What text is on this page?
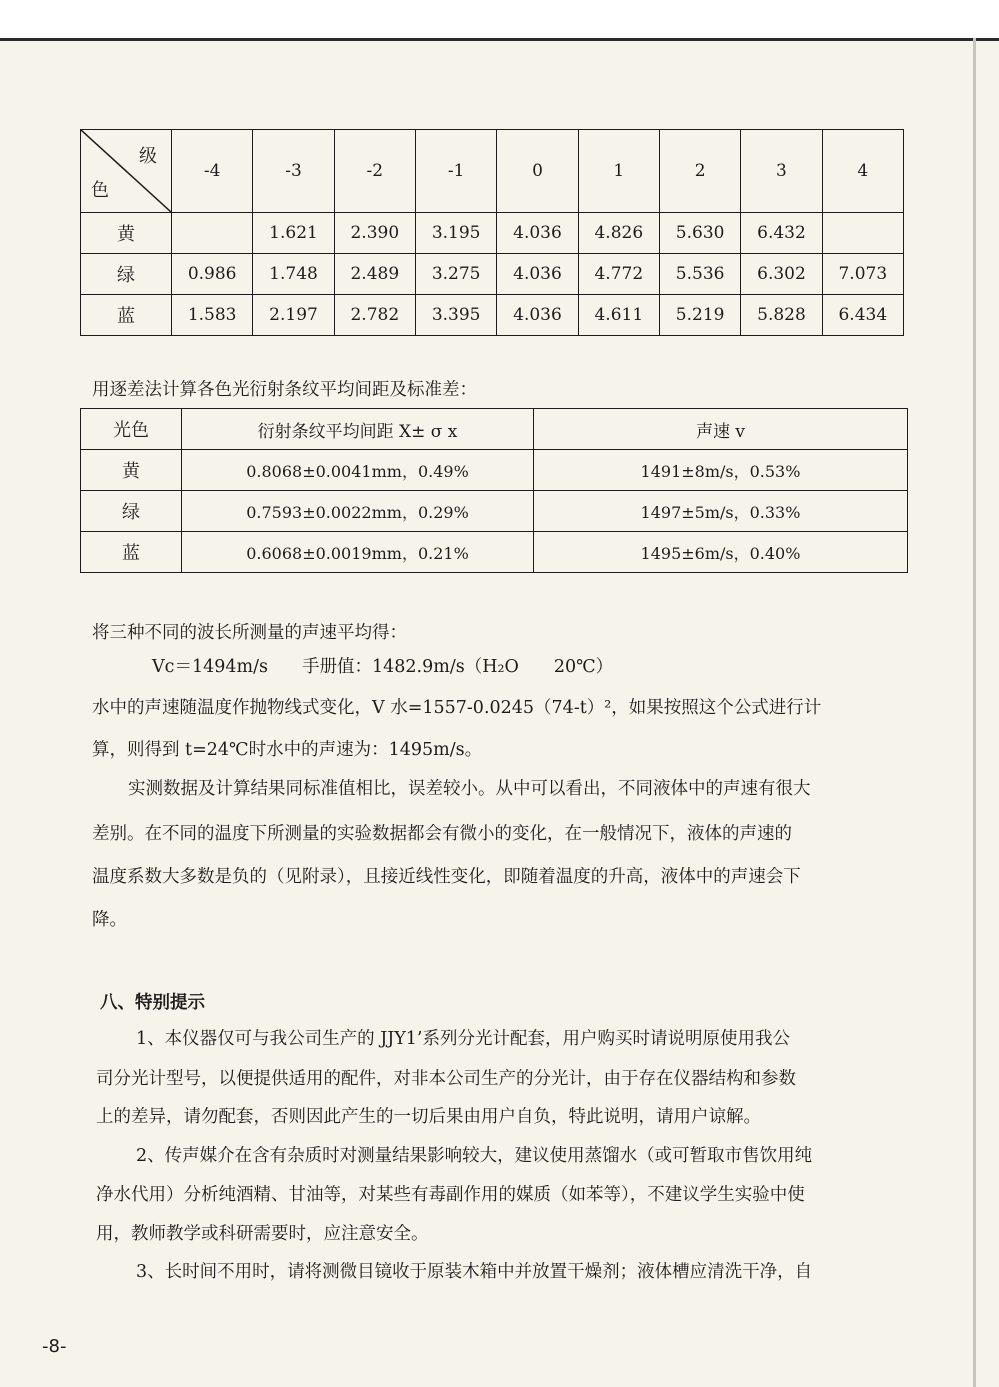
级
色	-4	-3	-2	-1	0	1	2	3	4
黄		1.621	2.390	3.195	4.036	4.826	5.630	6.432	
绿	0.986	1.748	2.489	3.275	4.036	4.772	5.536	6.302	7.073
蓝	1.583	2.197	2.782	3.395	4.036	4.611	5.219	5.828	6.434

用逐差法计算各色光衍射条纹平均间距及标准差：

光色	衍射条纹平均间距 X± σ x	声速 v
黄	0.8068±0.0041mm，0.49%	1491±8m/s，0.53%
绿	0.7593±0.0022mm，0.29%	1497±5m/s，0.33%
蓝	0.6068±0.0019mm，0.21%	1495±6m/s，0.40%

将三种不同的波长所测量的声速平均得：

Vc＝1494m/s 手册值：1482.9m/s（H₂O　　20℃）

水中的声速随温度作抛物线式变化，V 水=1557-0.0245（74-t）²，如果按照这个公式进行计

算，则得到 t=24℃时水中的声速为：1495m/s。

实测数据及计算结果同标准值相比，误差较小。从中可以看出，不同液体中的声速有很大

差别。在不同的温度下所测量的实验数据都会有微小的变化，在一般情况下，液体的声速的

温度系数大多数是负的（见附录），且接近线性变化，即随着温度的升高，液体中的声速会下

降。

八、特别提示

1、本仪器仅可与我公司生产的 JJY1’系列分光计配套，用户购买时请说明原使用我公

司分光计型号，以便提供适用的配件，对非本公司生产的分光计，由于存在仪器结构和参数

上的差异，请勿配套，否则因此产生的一切后果由用户自负，特此说明，请用户谅解。

2、传声媒介在含有杂质时对测量结果影响较大，建议使用蒸馏水（或可暂取市售饮用纯

净水代用）分析纯酒精、甘油等，对某些有毒副作用的媒质（如苯等），不建议学生实验中使

用，教师教学或科研需要时，应注意安全。

3、长时间不用时，请将测微目镜收于原装木箱中并放置干燥剂；液体槽应清洗干净，自

-8-
